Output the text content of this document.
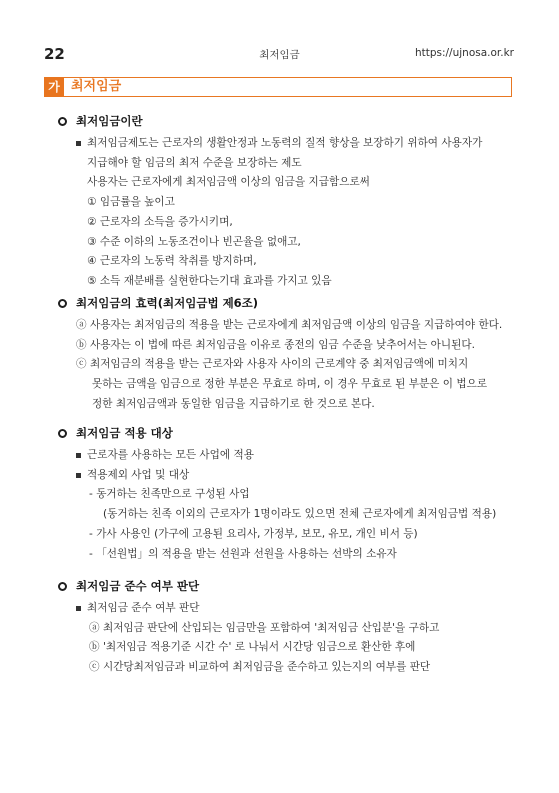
22	최저임금	https://ujnosa.or.kr
가 최저임금
최저임금이란
최저임금제도는 근로자의 생활안정과 노동력의 질적 향상을 보장하기 위하여 사용자가
지급해야 할 임금의 최저 수준을 보장하는 제도
사용자는 근로자에게 최저임금액 이상의 임금을 지급함으로써
① 임금률을 높이고
② 근로자의 소득을 증가시키며,
③ 수준 이하의 노동조건이나 빈곤율을 없애고,
④ 근로자의 노동력 착취를 방지하며,
⑤ 소득 재분배를 실현한다는기대 효과를 가지고 있음
최저임금의 효력(최저임금법 제6조)
ⓐ 사용자는 최저임금의 적용을 받는 근로자에게 최저임금액 이상의 임금을 지급하여야 한다.
ⓑ 사용자는 이 법에 따른 최저임금을 이유로 종전의 임금 수준을 낮추어서는 아니된다.
ⓒ 최저임금의 적용을 받는 근로자와 사용자 사이의 근로계약 중 최저임금액에 미치지
못하는 금액을 임금으로 정한 부분은 무효로 하며, 이 경우 무효로 된 부분은 이 법으로
정한 최저임금액과 동일한 임금을 지급하기로 한 것으로 본다.
최저임금 적용 대상
근로자를 사용하는 모든 사업에 적용
적용제외 사업 및 대상
- 동거하는 친족만으로 구성된 사업
(동거하는 친족 이외의 근로자가 1명이라도 있으면 전체 근로자에게 최저임금법 적용)
- 가사 사용인 (가구에 고용된 요리사, 가정부, 보모, 유모, 개인 비서 등)
- 「선원법」의 적용을 받는 선원과 선원을 사용하는 선박의 소유자
최저임금 준수 여부 판단
최저임금 준수 여부 판단
ⓐ 최저임금 판단에 산입되는 임금만을 포함하여 '최저임금 산입분'을 구하고
ⓑ '최저임금 적용기준 시간 수' 로 나눠서 시간당 임금으로 환산한 후에
ⓒ 시간당최저임금과 비교하여 최저임금을 준수하고 있는지의 여부를 판단
